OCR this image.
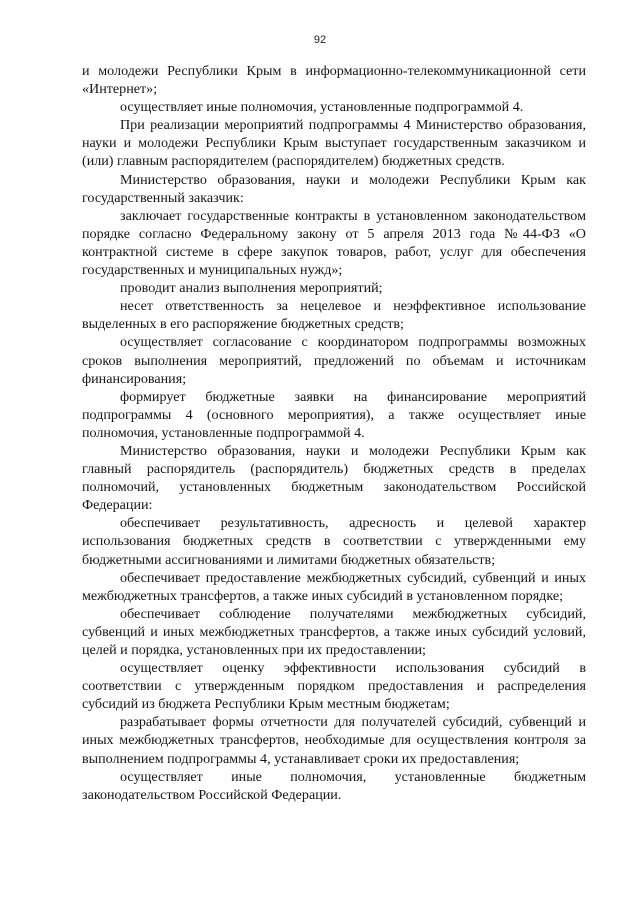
92

и молодежи Республики Крым в информационно-телекоммуникационной сети «Интернет»;

осуществляет иные полномочия, установленные подпрограммой 4.

При реализации мероприятий подпрограммы 4 Министерство образования, науки и молодежи Республики Крым выступает государственным заказчиком и (или) главным распорядителем (распорядителем) бюджетных средств.

Министерство образования, науки и молодежи Республики Крым как государственный заказчик:

заключает государственные контракты в установленном законодательством порядке согласно Федеральному закону от 5 апреля 2013 года №44-ФЗ «О контрактной системе в сфере закупок товаров, работ, услуг для обеспечения государственных и муниципальных нужд»;

проводит анализ выполнения мероприятий;

несет ответственность за нецелевое и неэффективное использование выделенных в его распоряжение бюджетных средств;

осуществляет согласование с координатором подпрограммы возможных сроков выполнения мероприятий, предложений по объемам и источникам финансирования;

формирует бюджетные заявки на финансирование мероприятий подпрограммы 4 (основного мероприятия), а также осуществляет иные полномочия, установленные подпрограммой 4.

Министерство образования, науки и молодежи Республики Крым как главный распорядитель (распорядитель) бюджетных средств в пределах полномочий, установленных бюджетным законодательством Российской Федерации:

обеспечивает результативность, адресность и целевой характер использования бюджетных средств в соответствии с утвержденными ему бюджетными ассигнованиями и лимитами бюджетных обязательств;

обеспечивает предоставление межбюджетных субсидий, субвенций и иных межбюджетных трансфертов, а также иных субсидий в установленном порядке;

обеспечивает соблюдение получателями межбюджетных субсидий, субвенций и иных межбюджетных трансфертов, а также иных субсидий условий, целей и порядка, установленных при их предоставлении;

осуществляет оценку эффективности использования субсидий в соответствии с утвержденным порядком предоставления и распределения субсидий из бюджета Республики Крым местным бюджетам;

разрабатывает формы отчетности для получателей субсидий, субвенций и иных межбюджетных трансфертов, необходимые для осуществления контроля за выполнением подпрограммы 4, устанавливает сроки их предоставления;

осуществляет иные полномочия, установленные бюджетным законодательством Российской Федерации.
